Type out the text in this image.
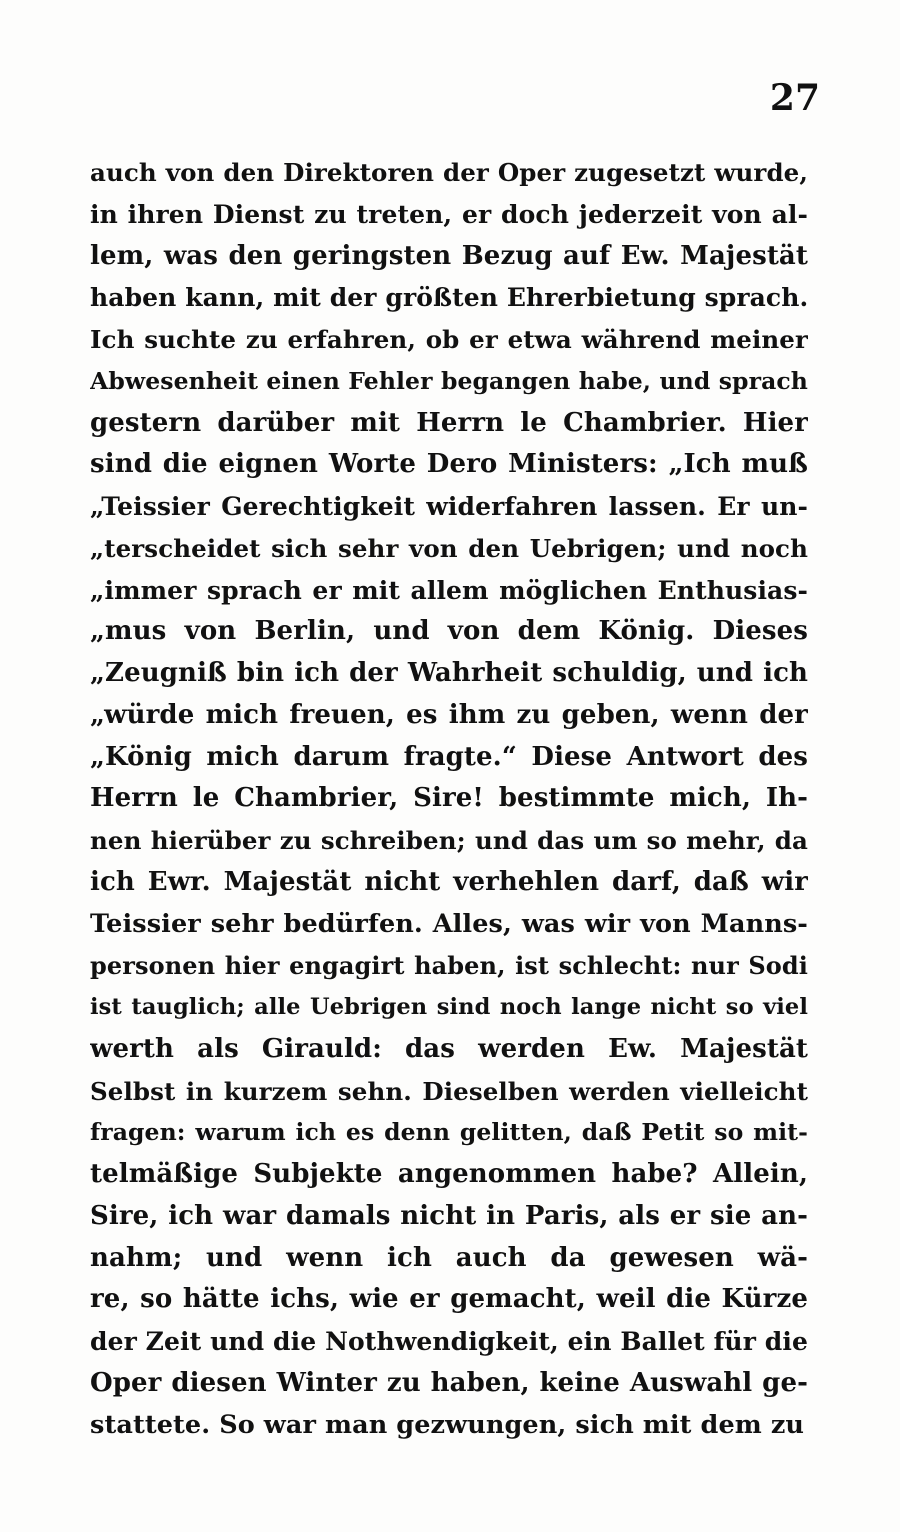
27
auch von den Direktoren der Oper zugesetzt wurde,
in ihren Dienst zu treten, er doch jederzeit von al-
lem, was den geringsten Bezug auf Ew. Majestät
haben kann, mit der größten Ehrerbietung sprach.
Ich suchte zu erfahren, ob er etwa während meiner
Abwesenheit einen Fehler begangen habe, und sprach
gestern darüber mit Herrn le Chambrier. Hier
sind die eignen Worte Dero Ministers: „Ich muß
„Teissier Gerechtigkeit widerfahren lassen. Er un-
„terscheidet sich sehr von den Uebrigen; und noch
„immer sprach er mit allem möglichen Enthusias-
„mus von Berlin, und von dem König. Dieses
„Zeugniß bin ich der Wahrheit schuldig, und ich
„würde mich freuen, es ihm zu geben, wenn der
„König mich darum fragte.“ Diese Antwort des
Herrn le Chambrier, Sire! bestimmte mich, Ih-
nen hierüber zu schreiben; und das um so mehr, da
ich Ewr. Majestät nicht verhehlen darf, daß wir
Teissier sehr bedürfen. Alles, was wir von Manns-
personen hier engagirt haben, ist schlecht: nur Sodi
ist tauglich; alle Uebrigen sind noch lange nicht so viel
werth als Girauld: das werden Ew. Majestät
Selbst in kurzem sehn. Dieselben werden vielleicht
fragen: warum ich es denn gelitten, daß Petit so mit-
telmäßige Subjekte angenommen habe? Allein,
Sire, ich war damals nicht in Paris, als er sie an-
nahm; und wenn ich auch da gewesen wä-
re, so hätte ichs, wie er gemacht, weil die Kürze
der Zeit und die Nothwendigkeit, ein Ballet für die
Oper diesen Winter zu haben, keine Auswahl ge-
stattete. So war man gezwungen, sich mit dem zu
